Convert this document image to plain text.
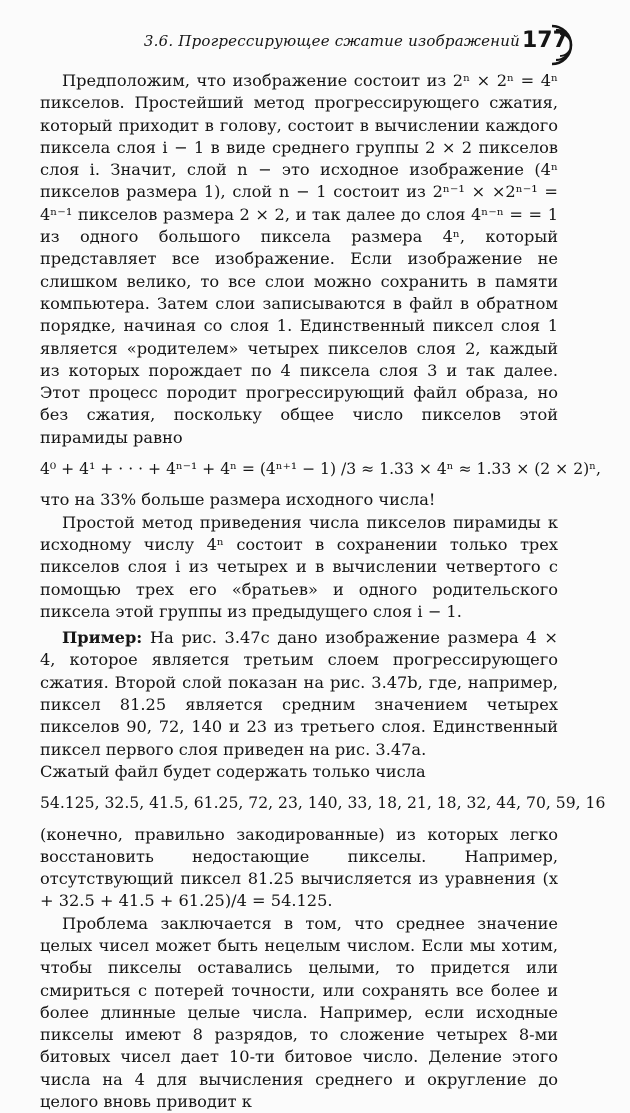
3.6. Прогрессирующее сжатие изображений 177

Предположим, что изображение состоит из 2ⁿ × 2ⁿ = 4ⁿ пикселов. Простейший метод прогрессирующего сжатия, который приходит в голову, состоит в вычислении каждого пиксела слоя i − 1 в виде среднего группы 2 × 2 пикселов слоя i. Значит, слой n − это исходное изображение (4ⁿ пикселов размера 1), слой n − 1 состоит из 2ⁿ⁻¹ × ×2ⁿ⁻¹ = 4ⁿ⁻¹ пикселов размера 2 × 2, и так далее до слоя 4ⁿ⁻ⁿ = = 1 из одного большого пиксела размера 4ⁿ, который представляет все изображение. Если изображение не слишком велико, то все слои можно сохранить в памяти компьютера. Затем слои записываются в файл в обратном порядке, начиная со слоя 1. Единственный пиксел слоя 1 является «родителем» четырех пикселов слоя 2, каждый из которых порождает по 4 пиксела слоя 3 и так далее. Этот процесс породит прогрессирующий файл образа, но без сжатия, поскольку общее число пикселов этой пирамиды равно

4⁰ + 4¹ + · · · + 4ⁿ⁻¹ + 4ⁿ = (4ⁿ⁺¹ − 1) /3 ≈ 1.33 × 4ⁿ ≈ 1.33 × (2 × 2)ⁿ,

что на 33% больше размера исходного числа!

Простой метод приведения числа пикселов пирамиды к исходному числу 4ⁿ состоит в сохранении только трех пикселов слоя i из четырех и в вычислении четвертого с помощью трех его «братьев» и одного родительского пиксела этой группы из предыдущего слоя i − 1.

Пример: На рис. 3.47с дано изображение размера 4 × 4, которое является третьим слоем прогрессирующего сжатия. Второй слой показан на рис. 3.47b, где, например, пиксел 81.25 является средним значением четырех пикселов 90, 72, 140 и 23 из третьего слоя. Единственный пиксел первого слоя приведен на рис. 3.47a.

Сжатый файл будет содержать только числа

54.125, 32.5, 41.5, 61.25, 72, 23, 140, 33, 18, 21, 18, 32, 44, 70, 59, 16

(конечно, правильно закодированные) из которых легко восстановить недостающие пикселы. Например, отсутствующий пиксел 81.25 вычисляется из уравнения (x + 32.5 + 41.5 + 61.25)/4 = 54.125.

Проблема заключается в том, что среднее значение целых чисел может быть нецелым числом. Если мы хотим, чтобы пикселы оставались целыми, то придется или смириться с потерей точности, или сохранять все более и более длинные целые числа. Например, если исходные пикселы имеют 8 разрядов, то сложение четырех 8-ми битовых чисел дает 10-ти битовое число. Деление этого числа на 4 для вычисления среднего и округление до целого вновь приводит к
